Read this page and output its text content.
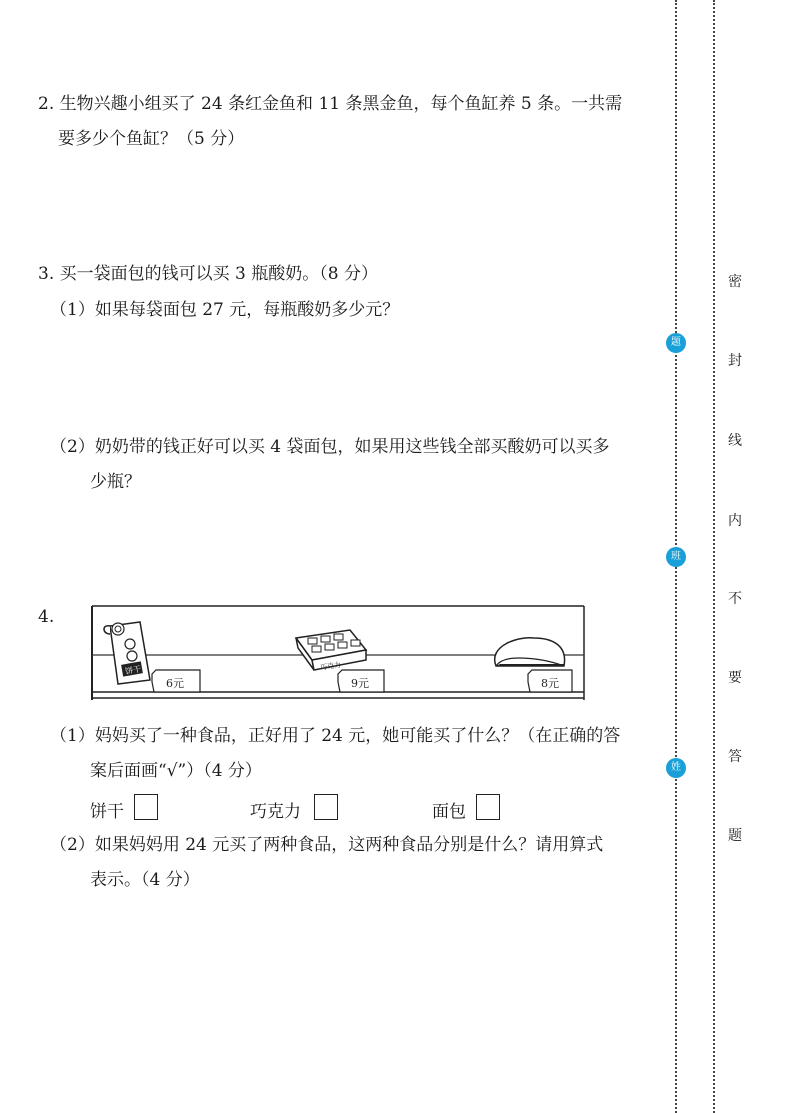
2. 生物兴趣小组买了 24 条红金鱼和 11 条黑金鱼，每个鱼缸养 5 条。一共需
要多少个鱼缸？（5 分）
3. 买一袋面包的钱可以买 3 瓶酸奶。（8 分）
（1）如果每袋面包 27 元，每瓶酸奶多少元？
（2）奶奶带的钱正好可以买 4 袋面包，如果用这些钱全部买酸奶可以买多
少瓶？
4.
饼干	巧克力
6元	9元	8元
（1）妈妈买了一种食品，正好用了 24 元，她可能买了什么？（在正确的答
案后面画“√”）（4 分）
饼干	巧克力	面包
（2）如果妈妈用 24 元买了两种食品，这两种食品分别是什么？请用算式
表示。（4 分）
题
班
姓
密
封
线
内
不
要
答
题
